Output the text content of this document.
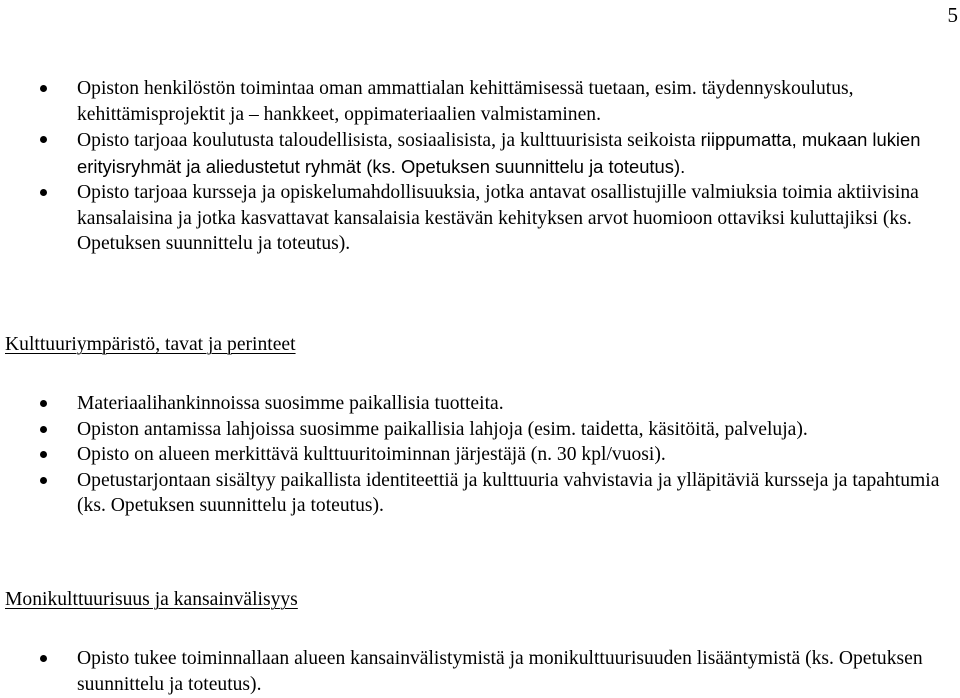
5
Opiston henkilöstön toimintaa oman ammattialan kehittämisessä tuetaan, esim. täydennyskoulutus, kehittämisprojektit ja – hankkeet, oppimateriaalien valmistaminen.
Opisto tarjoaa koulutusta taloudellisista, sosiaalisista, ja kulttuurisista seikoista riippumatta, mukaan lukien erityisryhmät ja aliedustetut ryhmät (ks. Opetuksen suunnittelu ja toteutus).
Opisto tarjoaa kursseja ja opiskelumahdollisuuksia, jotka antavat osallistujille valmiuksia toimia aktiivisina kansalaisina ja jotka kasvattavat kansalaisia kestävän kehityksen arvot huomioon ottaviksi kuluttajiksi (ks. Opetuksen suunnittelu ja toteutus).
Kulttuuriympäristö, tavat ja perinteet
Materiaalihankinnoissa suosimme paikallisia tuotteita.
Opiston antamissa lahjoissa suosimme paikallisia lahjoja (esim. taidetta, käsitöitä, palveluja).
Opisto on alueen merkittävä kulttuuritoiminnan järjestäjä (n. 30 kpl/vuosi).
Opetustarjontaan sisältyy paikallista identiteettiä ja kulttuuria vahvistavia ja ylläpitäviä kursseja ja tapahtumia (ks. Opetuksen suunnittelu ja toteutus).
Monikulttuurisuus ja kansainvälisyys
Opisto tukee toiminnallaan alueen kansainvälistymistä ja monikulttuurisuuden lisääntymistä (ks. Opetuksen suunnittelu ja toteutus).
